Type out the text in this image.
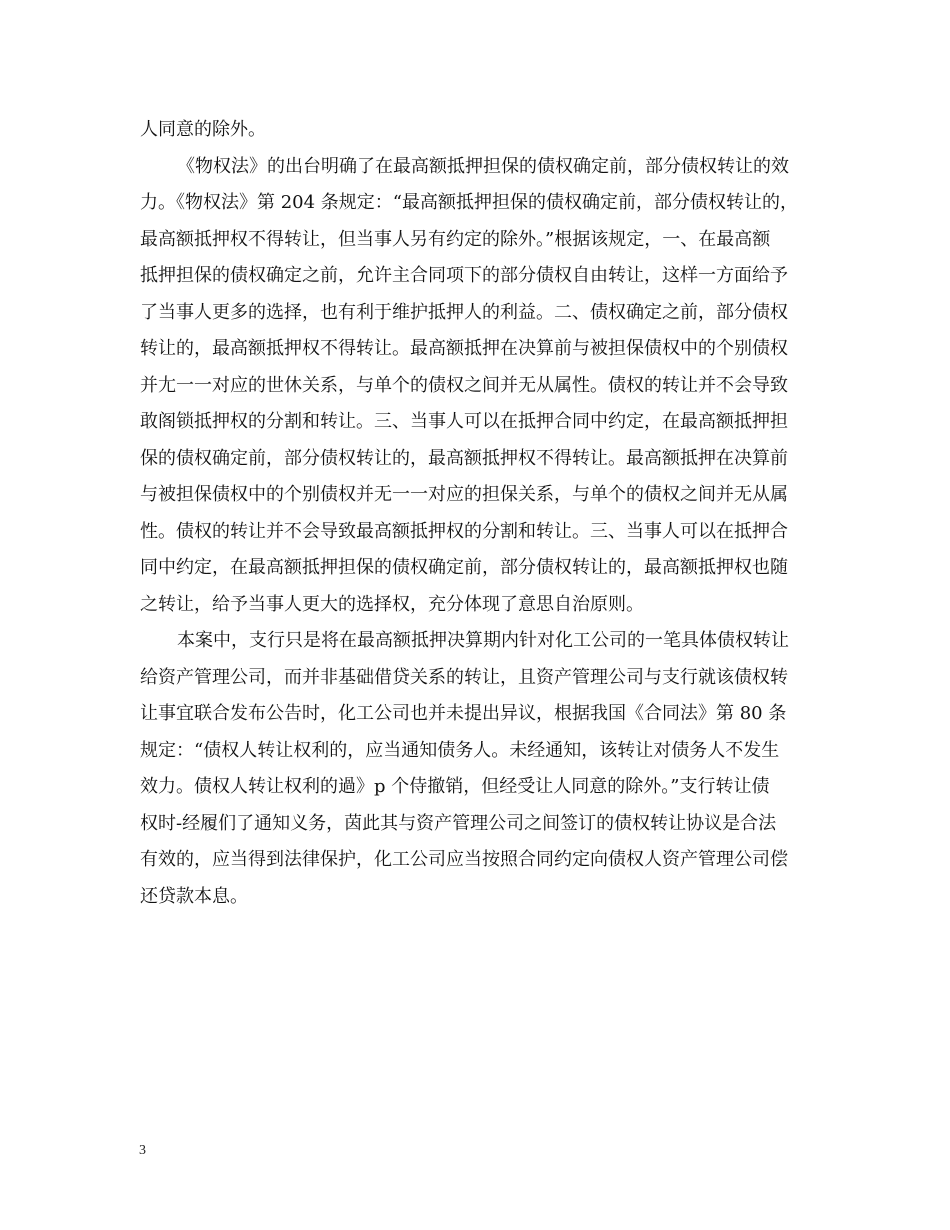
人同意的除外。
《物权法》的出台明确了在最高额抵押担保的债权确定前，部分债权转让的效
力。《物权法》第 204 条规定：“最高额抵押担保的债权确定前，部分债权转让的，
最高额抵押权不得转让，但当事人另有约定的除外。”根据该规定，一、在最高额
抵押担保的债权确定之前，允许主合同项下的部分债权自由转让，这样一方面给予
了当事人更多的选择，也有利于维护抵押人的利益。二、债权确定之前，部分债权
转让的，最高额抵押权不得转让。最高额抵押在决算前与被担保债权中的个别债权
并尢一一对应的世休关系，与单个的债权之间并无从属性。债权的转让并不会导致
敢阁锁抵押权的分割和转让。三、当事人可以在抵押合同中约定，在最高额抵押担
保的债权确定前，部分债权转让的，最高额抵押权不得转让。最高额抵押在决算前
与被担保债权中的个别债权并无一一对应的担保关系，与单个的债权之间并无从属
性。债权的转让并不会导致最高额抵押权的分割和转让。三、当事人可以在抵押合
同中约定，在最高额抵押担保的债权确定前，部分债权转让的，最高额抵押权也随
之转让，给予当事人更大的选择权，充分体现了意思自治原则。
本案中，支行只是将在最高额抵押决算期内针对化工公司的一笔具体债权转让
给资产管理公司，而并非基础借贷关系的转让，且资产管理公司与支行就该债权转
让事宜联合发布公告时，化工公司也并未提出异议，根据我国《合同法》第 80 条
规定：“债权人转让权利的，应当通知债务人。未经通知，该转让对债务人不发生
效力。债权人转让权利的過》p 个侍撤销，但经受让人同意的除外。”支行转让债
权时-经履们了通知义务，茵此其与资产管理公司之间签订的债权转让协议是合法
有效的，应当得到法律保护，化工公司应当按照合同约定向债权人资产管理公司偿
还贷款本息。
3
